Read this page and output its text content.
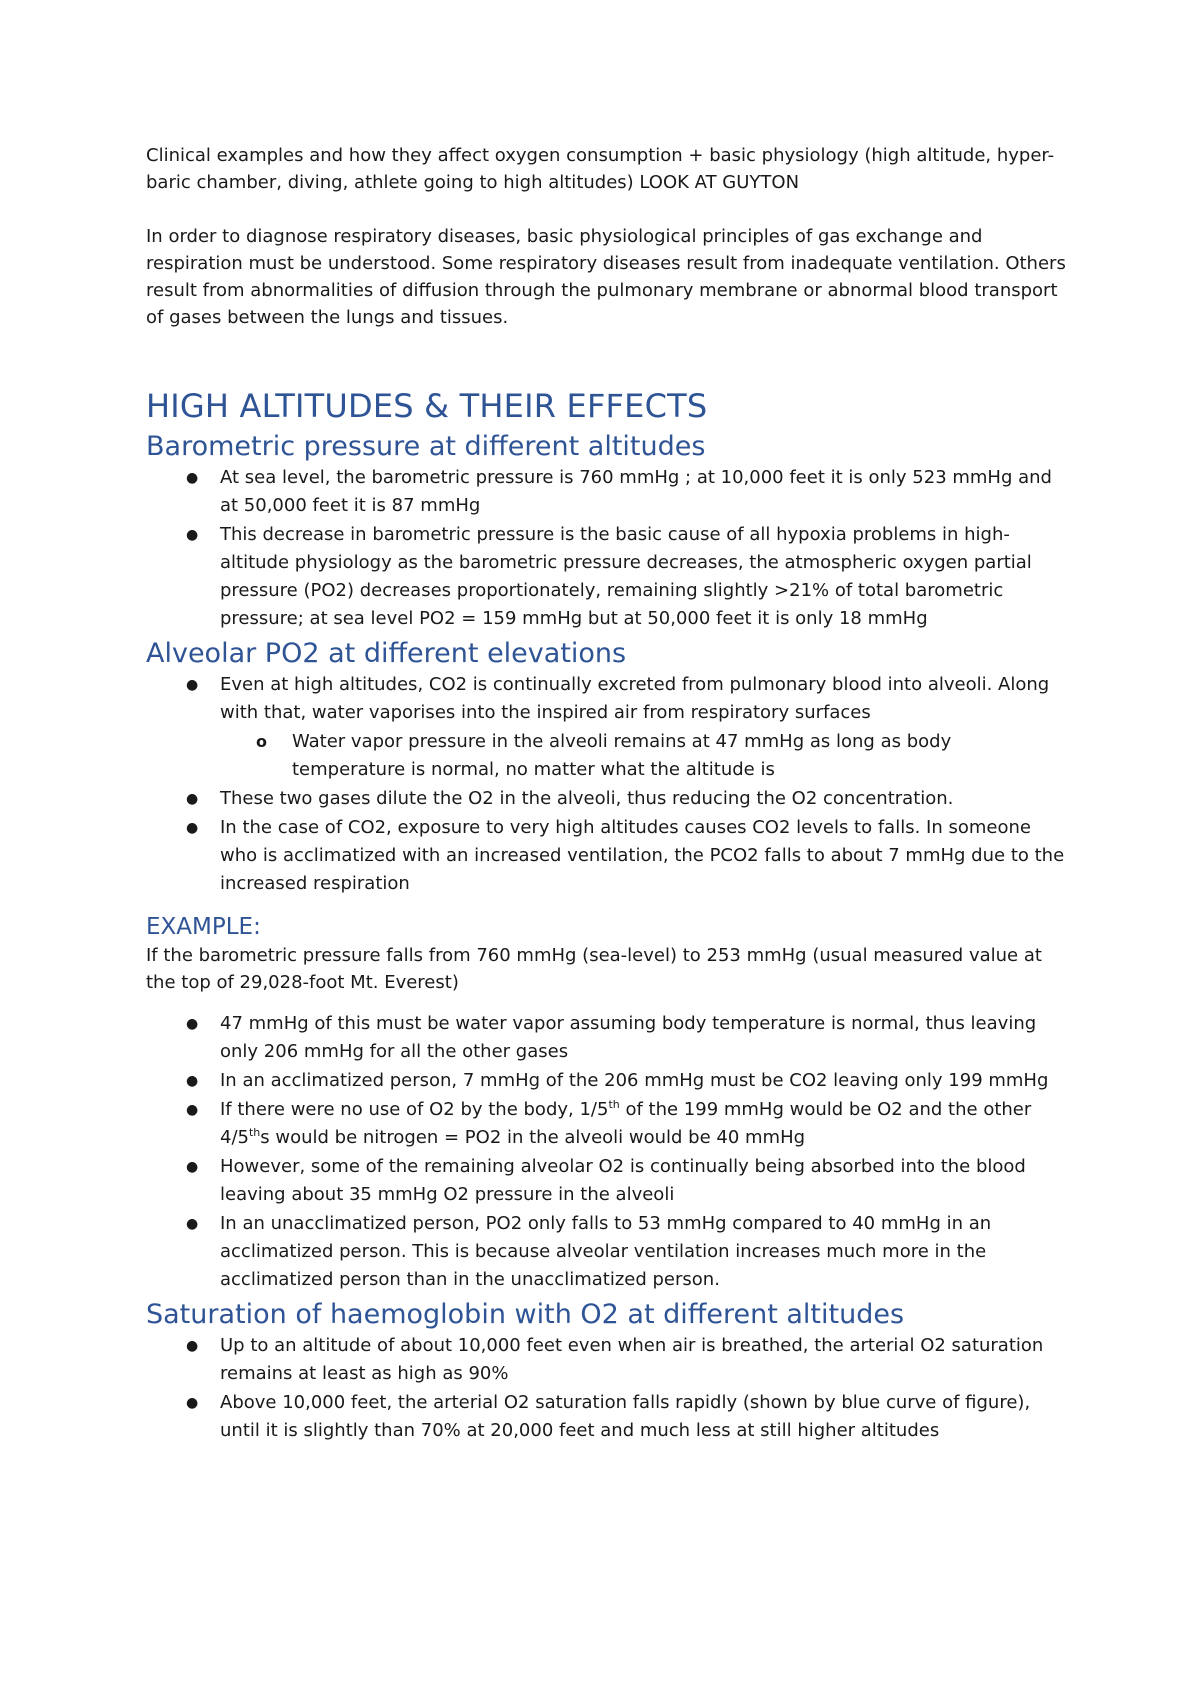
Clinical examples and how they affect oxygen consumption + basic physiology (high altitude, hyper-baric chamber, diving, athlete going to high altitudes) LOOK AT GUYTON

In order to diagnose respiratory diseases, basic physiological principles of gas exchange and respiration must be understood. Some respiratory diseases result from inadequate ventilation. Others result from abnormalities of diffusion through the pulmonary membrane or abnormal blood transport of gases between the lungs and tissues.

HIGH ALTITUDES & THEIR EFFECTS
Barometric pressure at different altitudes
● At sea level, the barometric pressure is 760 mmHg ; at 10,000 feet it is only 523 mmHg and at 50,000 feet it is 87 mmHg
● This decrease in barometric pressure is the basic cause of all hypoxia problems in high-altitude physiology as the barometric pressure decreases, the atmospheric oxygen partial pressure (PO2) decreases proportionately, remaining slightly >21% of total barometric pressure; at sea level PO2 = 159 mmHg but at 50,000 feet it is only 18 mmHg
Alveolar PO2 at different elevations
● Even at high altitudes, CO2 is continually excreted from pulmonary blood into alveoli. Along with that, water vaporises into the inspired air from respiratory surfaces
o Water vapor pressure in the alveoli remains at 47 mmHg as long as body temperature is normal, no matter what the altitude is
● These two gases dilute the O2 in the alveoli, thus reducing the O2 concentration.
● In the case of CO2, exposure to very high altitudes causes CO2 levels to falls. In someone who is acclimatized with an increased ventilation, the PCO2 falls to about 7 mmHg due to the increased respiration
EXAMPLE:

If the barometric pressure falls from 760 mmHg (sea-level) to 253 mmHg (usual measured value at the top of 29,028-foot Mt. Everest)

● 47 mmHg of this must be water vapor assuming body temperature is normal, thus leaving only 206 mmHg for all the other gases
● In an acclimatized person, 7 mmHg of the 206 mmHg must be CO2 leaving only 199 mmHg
● If there were no use of O2 by the body, 1/5th of the 199 mmHg would be O2 and the other 4/5ths would be nitrogen = PO2 in the alveoli would be 40 mmHg
● However, some of the remaining alveolar O2 is continually being absorbed into the blood leaving about 35 mmHg O2 pressure in the alveoli
● In an unacclimatized person, PO2 only falls to 53 mmHg compared to 40 mmHg in an acclimatized person. This is because alveolar ventilation increases much more in the acclimatized person than in the unacclimatized person.
Saturation of haemoglobin with O2 at different altitudes
● Up to an altitude of about 10,000 feet even when air is breathed, the arterial O2 saturation remains at least as high as 90%
● Above 10,000 feet, the arterial O2 saturation falls rapidly (shown by blue curve of figure), until it is slightly than 70% at 20,000 feet and much less at still higher altitudes
